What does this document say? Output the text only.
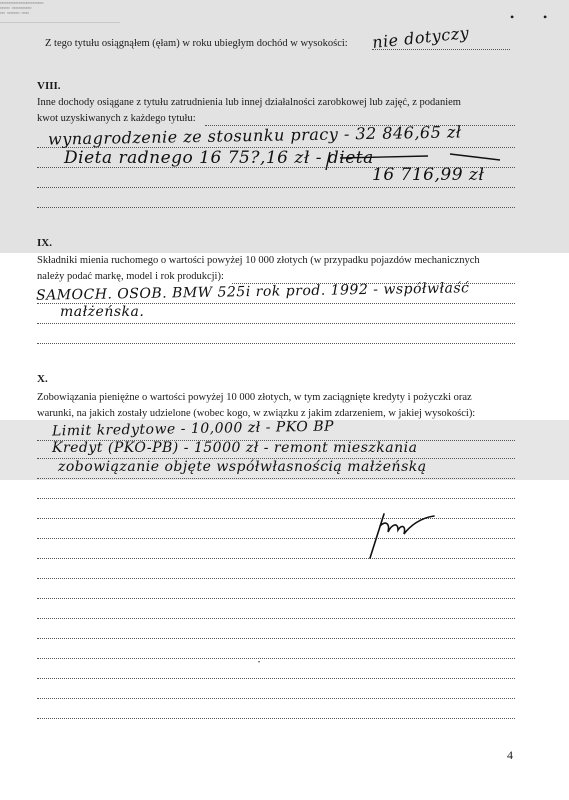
▭▭▭▭▭▭▭▭▭▭▭▭▭▭▭▭▭▭
▭▭▭▭ ▭▭▭▭▭▭▭▭
▭▭ ▭▭▭▭▭ ▭▭▭	• •
Z tego tytułu osiągnąłem (ęłam) w roku ubiegłym dochód w wysokości: nie dotyczy
VIII.
Inne dochody osiągane z tytułu zatrudnienia lub innej działalności zarobkowej lub zajęć, z podaniem
kwot uzyskiwanych z każdego tytułu:
wynagrodzenie ze stosunku pracy - 32 846,65 zł
Dieta radnego 16 75?,16 zł - dieta
16 716,99 zł
IX.
Składniki mienia ruchomego o wartości powyżej 10 000 złotych (w przypadku pojazdów mechanicznych
należy podać markę, model i rok produkcji):
SAMOCH. OSOB. BMW 525i rok prod. 1992 - współwłaść
małżeńska.
X.
Zobowiązania pieniężne o wartości powyżej 10 000 złotych, w tym zaciągnięte kredyty i pożyczki oraz
warunki, na jakich zostały udzielone (wobec kogo, w związku z jakim zdarzeniem, w jakiej wysokości):
Limit kredytowe - 10,000 zł - PKO BP
Kredyt (PKO-PB) - 15000 zł - remont mieszkania
zobowiązanie objęte współwłasnością małżeńską
4
•
